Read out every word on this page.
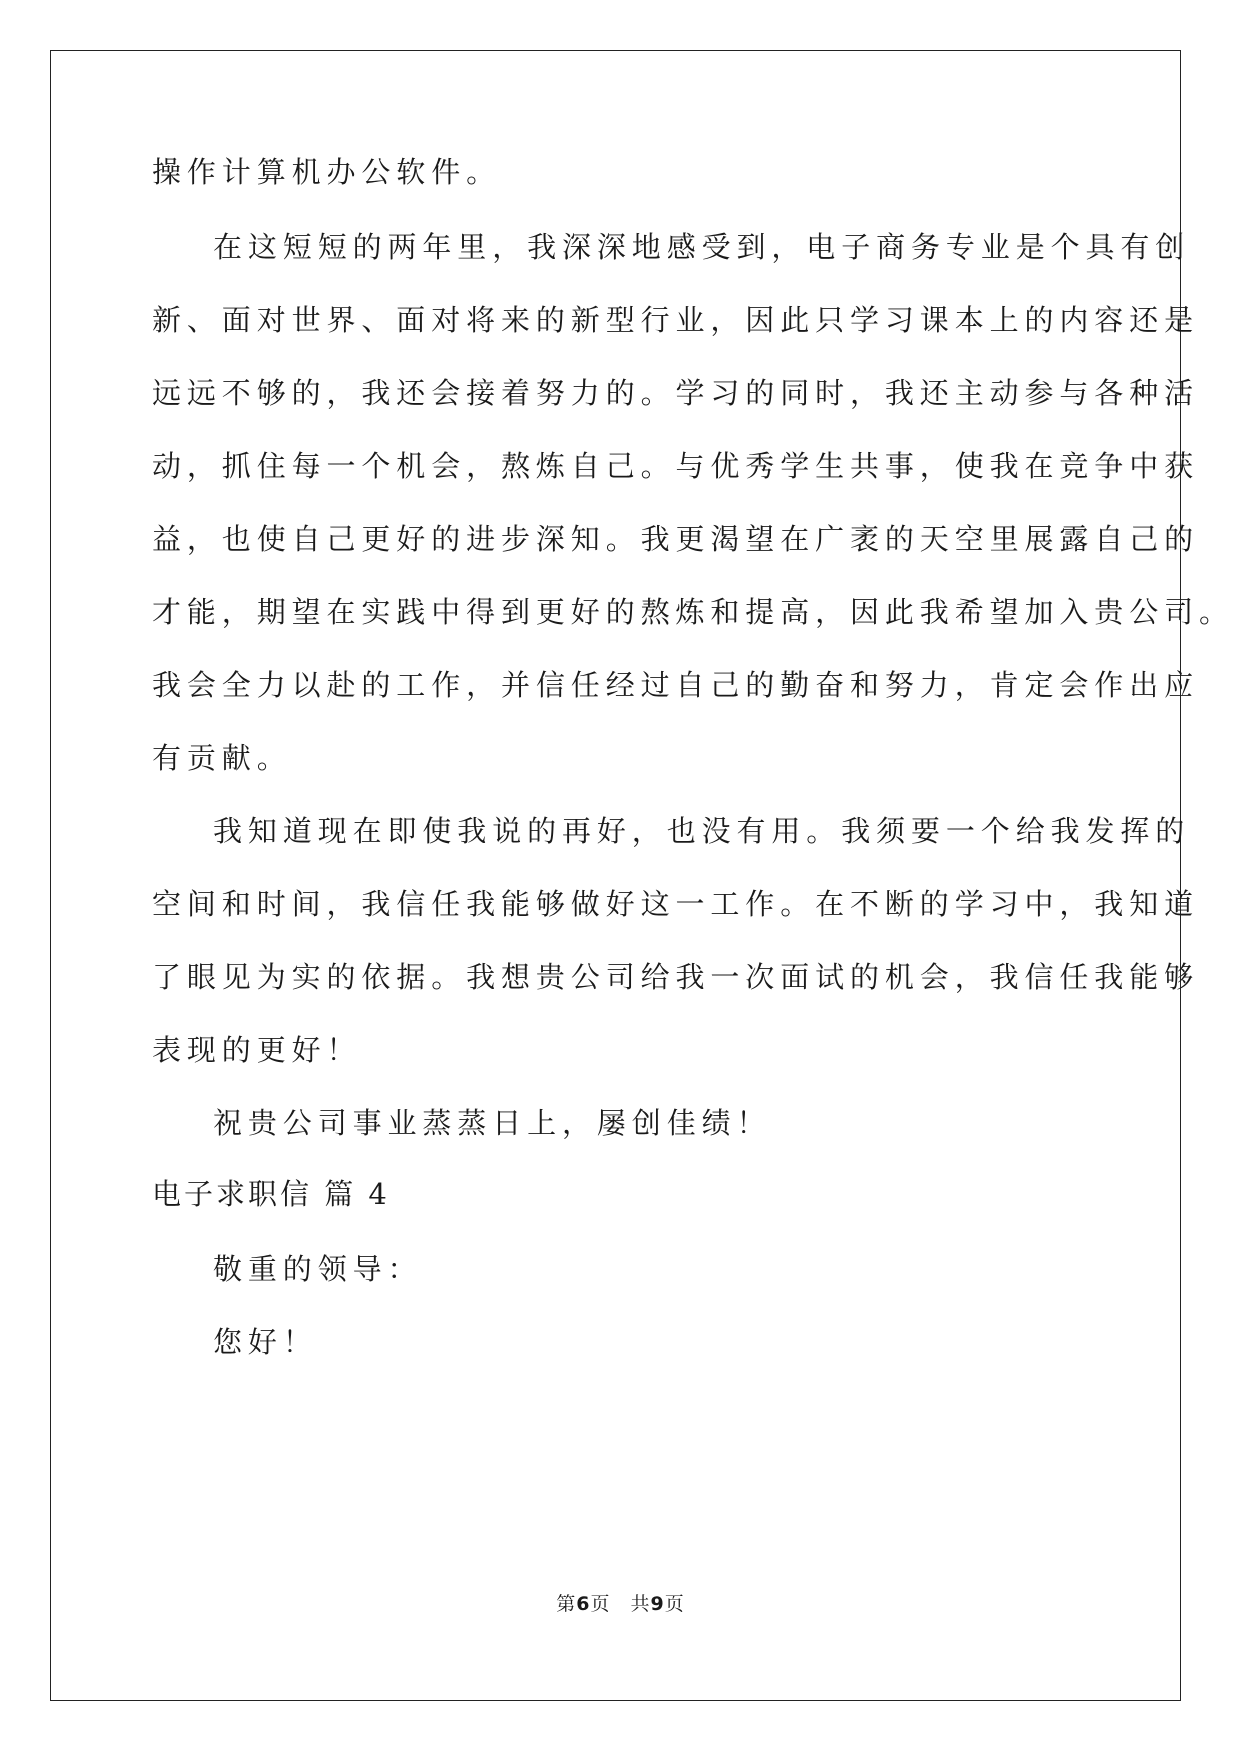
操作计算机办公软件。
在这短短的两年里，我深深地感受到，电子商务专业是个具有创
新、面对世界、面对将来的新型行业，因此只学习课本上的内容还是
远远不够的，我还会接着努力的。学习的同时，我还主动参与各种活
动，抓住每一个机会，熬炼自己。与优秀学生共事，使我在竞争中获
益，也使自己更好的进步深知。我更渴望在广袤的天空里展露自己的
才能，期望在实践中得到更好的熬炼和提高，因此我希望加入贵公司。
我会全力以赴的工作，并信任经过自己的勤奋和努力，肯定会作出应
有贡献。
我知道现在即使我说的再好，也没有用。我须要一个给我发挥的
空间和时间，我信任我能够做好这一工作。在不断的学习中，我知道
了眼见为实的依据。我想贵公司给我一次面试的机会，我信任我能够
表现的更好！
祝贵公司事业蒸蒸日上，屡创佳绩！
电子求职信 篇 4
敬重的领导：
您好！
第6页 共9页
